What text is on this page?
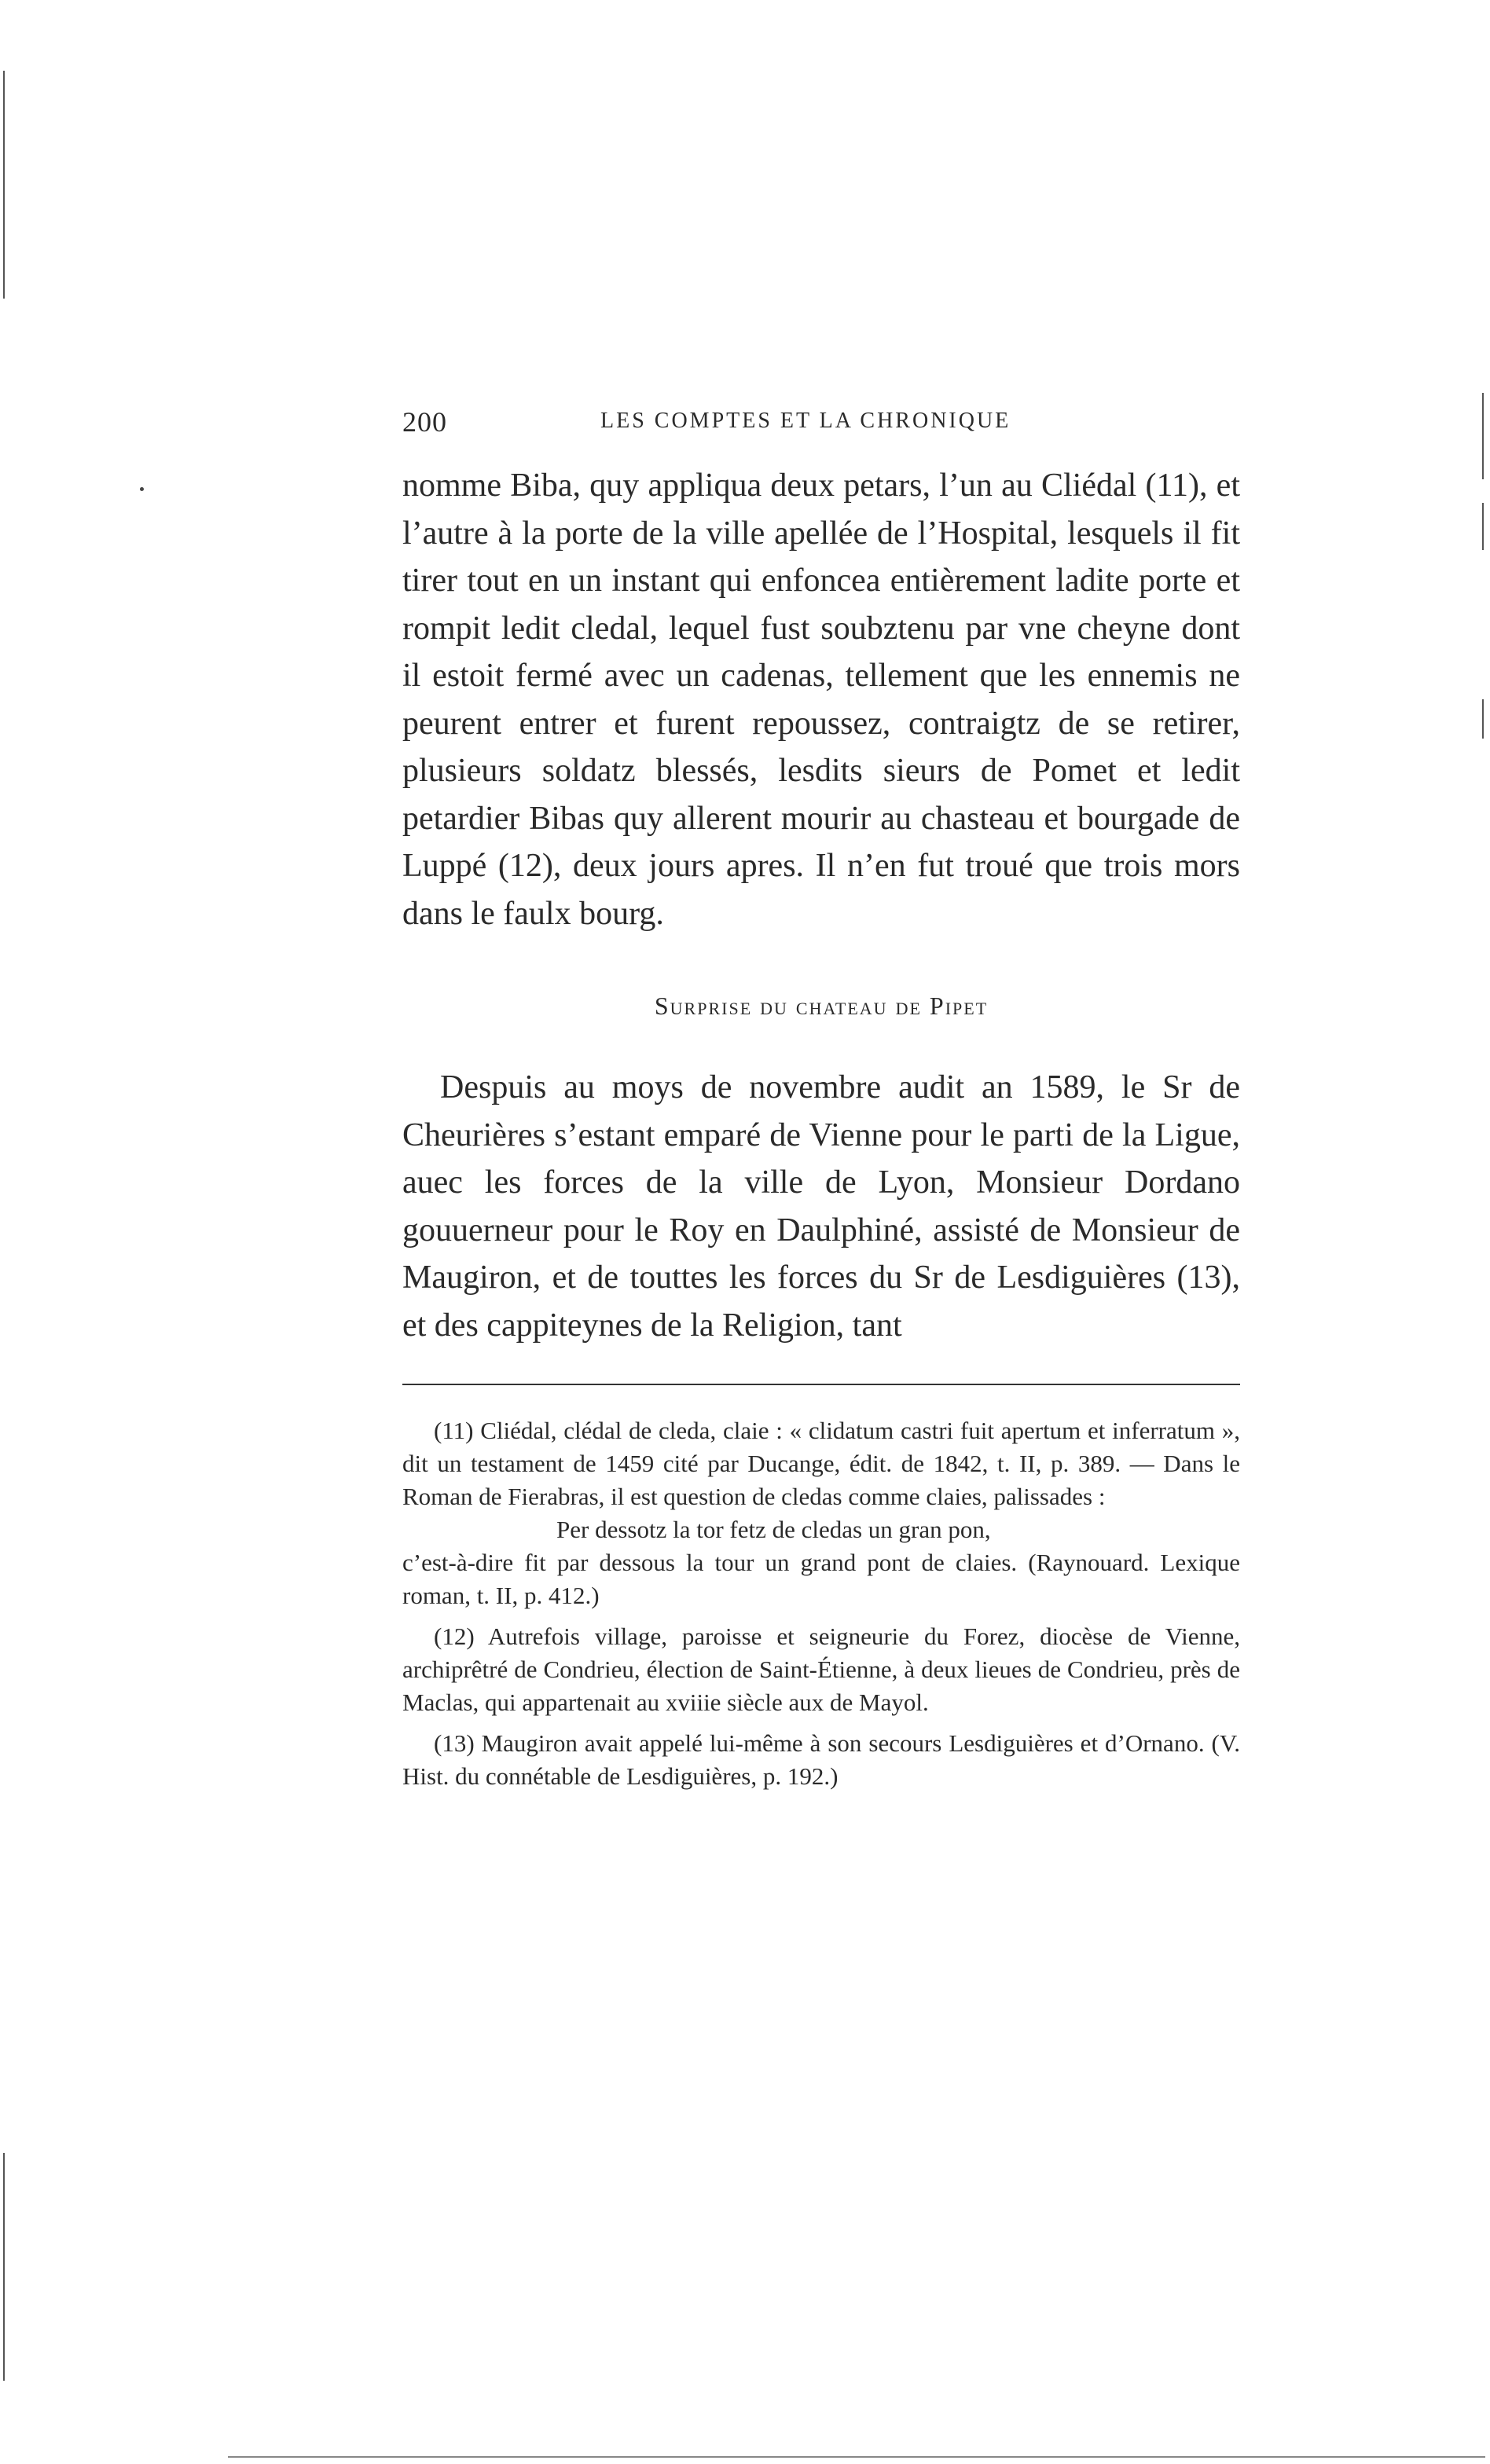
200	LES COMPTES ET LA CHRONIQUE

nomme Biba, quy appliqua deux petars, l’un au Cliédal (11), et l’autre à la porte de la ville apellée de l’Hospital, lesquels il fit tirer tout en un instant qui enfoncea entièrement ladite porte et rompit ledit cledal, lequel fust soubztenu par vne cheyne dont il estoit fermé avec un cadenas, tellement que les ennemis ne peurent entrer et furent repoussez, contraigtz de se retirer, plusieurs soldatz blessés, lesdits sieurs de Pomet et ledit petardier Bibas quy allerent mourir au chasteau et bourgade de Luppé (12), deux jours apres. Il n’en fut troué que trois mors dans le faulx bourg.

Surprise du chateau de Pipet

Despuis au moys de novembre audit an 1589, le Sr de Cheurières s’estant emparé de Vienne pour le parti de la Ligue, auec les forces de la ville de Lyon, Monsieur Dordano gouuerneur pour le Roy en Daulphiné, assisté de Monsieur de Maugiron, et de touttes les forces du Sr de Lesdiguières (13), et des cappiteynes de la Religion, tant

(11) Cliédal, clédal de cleda, claie : « clidatum castri fuit apertum et inferratum », dit un testament de 1459 cité par Ducange, édit. de 1842, t. II, p. 389. — Dans le Roman de Fierabras, il est question de cledas comme claies, palissades :

Per dessotz la tor fetz de cledas un gran pon,

c’est-à-dire fit par dessous la tour un grand pont de claies. (Raynouard. Lexique roman, t. II, p. 412.)

(12) Autrefois village, paroisse et seigneurie du Forez, diocèse de Vienne, archiprêtré de Condrieu, élection de Saint-Étienne, à deux lieues de Condrieu, près de Maclas, qui appartenait au xviiie siècle aux de Mayol.

(13) Maugiron avait appelé lui-même à son secours Lesdiguières et d’Ornano. (V. Hist. du connétable de Lesdiguières, p. 192.)
